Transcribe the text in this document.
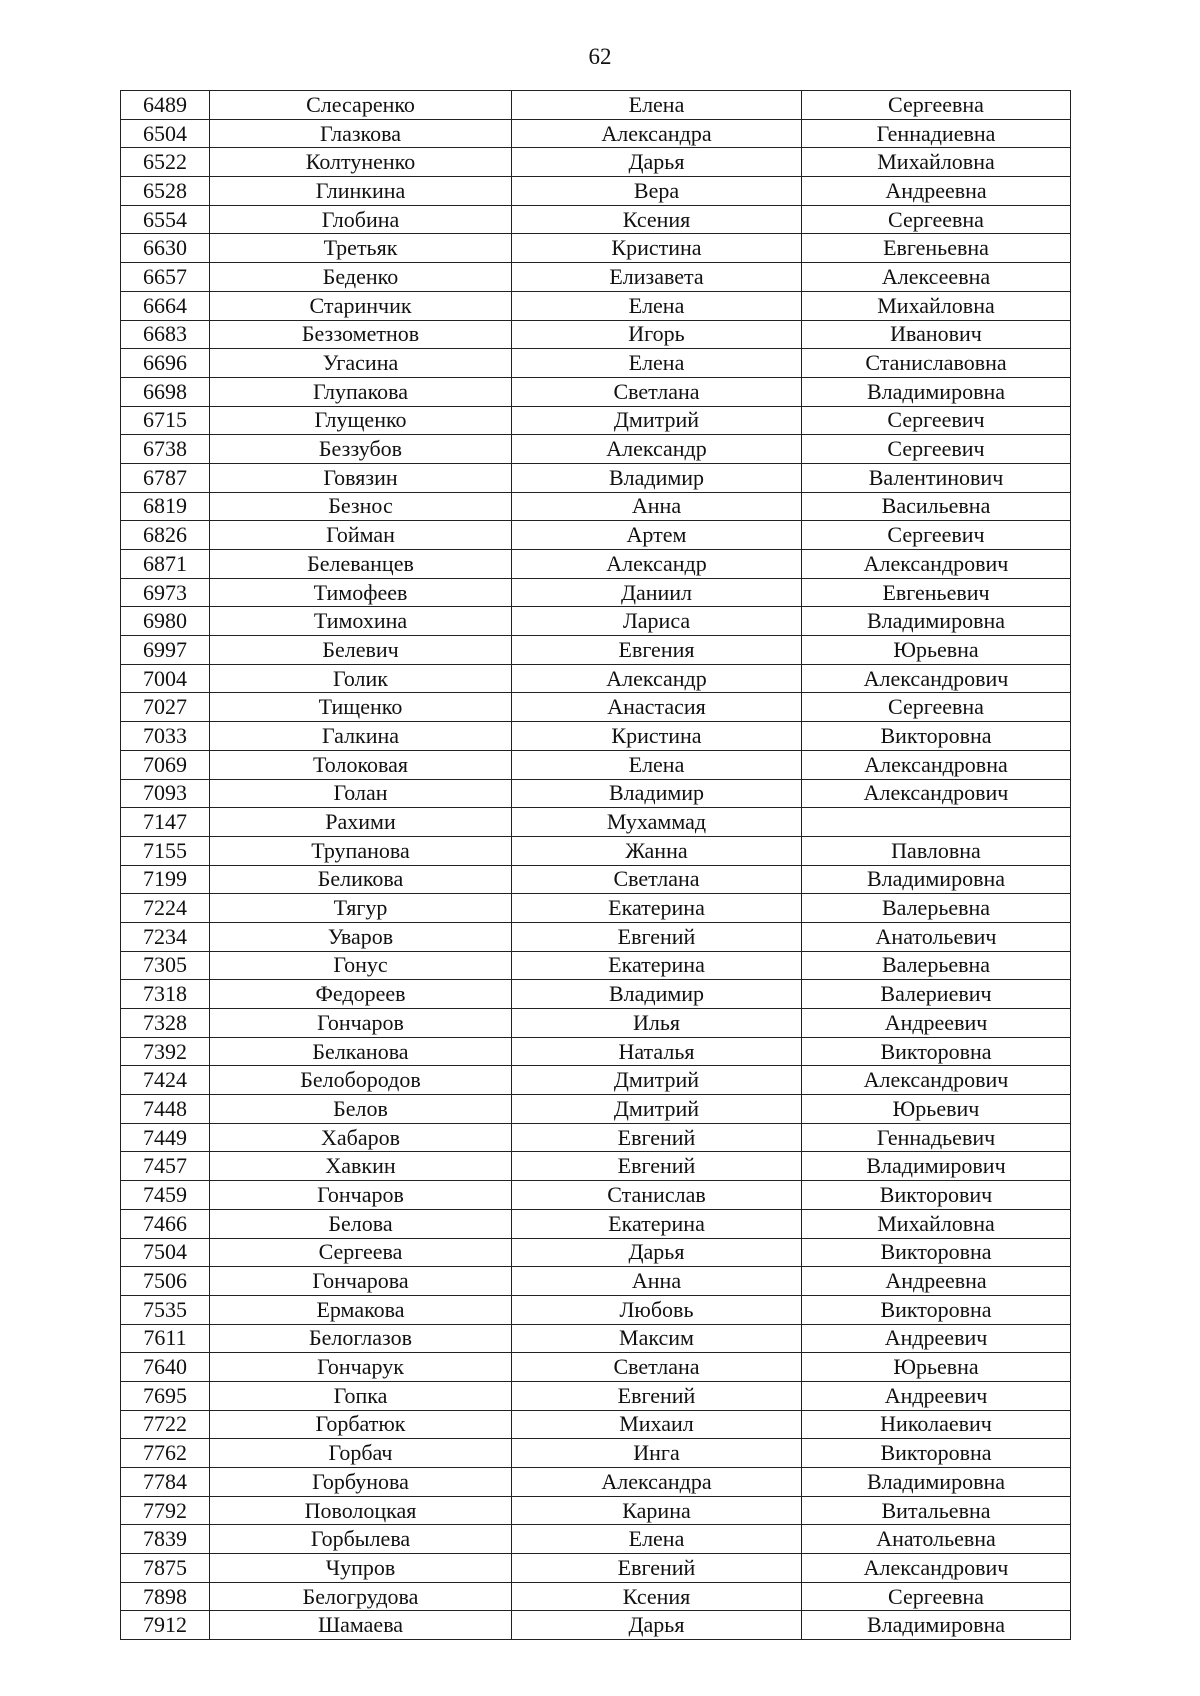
62
6489	Слесаренко	Елена	Сергеевна
6504	Глазкова	Александра	Геннадиевна
6522	Колтуненко	Дарья	Михайловна
6528	Глинкина	Вера	Андреевна
6554	Глобина	Ксения	Сергеевна
6630	Третьяк	Кристина	Евгеньевна
6657	Беденко	Елизавета	Алексеевна
6664	Старинчик	Елена	Михайловна
6683	Беззометнов	Игорь	Иванович
6696	Угасина	Елена	Станиславовна
6698	Глупакова	Светлана	Владимировна
6715	Глущенко	Дмитрий	Сергеевич
6738	Беззубов	Александр	Сергеевич
6787	Говязин	Владимир	Валентинович
6819	Безнос	Анна	Васильевна
6826	Гойман	Артем	Сергеевич
6871	Белеванцев	Александр	Александрович
6973	Тимофеев	Даниил	Евгеньевич
6980	Тимохина	Лариса	Владимировна
6997	Белевич	Евгения	Юрьевна
7004	Голик	Александр	Александрович
7027	Тищенко	Анастасия	Сергеевна
7033	Галкина	Кристина	Викторовна
7069	Толоковая	Елена	Александровна
7093	Голан	Владимир	Александрович
7147	Рахими	Мухаммад	
7155	Трупанова	Жанна	Павловна
7199	Беликова	Светлана	Владимировна
7224	Тягур	Екатерина	Валерьевна
7234	Уваров	Евгений	Анатольевич
7305	Гонус	Екатерина	Валерьевна
7318	Федореев	Владимир	Валериевич
7328	Гончаров	Илья	Андреевич
7392	Белканова	Наталья	Викторовна
7424	Белобородов	Дмитрий	Александрович
7448	Белов	Дмитрий	Юрьевич
7449	Хабаров	Евгений	Геннадьевич
7457	Хавкин	Евгений	Владимирович
7459	Гончаров	Станислав	Викторович
7466	Белова	Екатерина	Михайловна
7504	Сергеева	Дарья	Викторовна
7506	Гончарова	Анна	Андреевна
7535	Ермакова	Любовь	Викторовна
7611	Белоглазов	Максим	Андреевич
7640	Гончарук	Светлана	Юрьевна
7695	Гопка	Евгений	Андреевич
7722	Горбатюк	Михаил	Николаевич
7762	Горбач	Инга	Викторовна
7784	Горбунова	Александра	Владимировна
7792	Поволоцкая	Карина	Витальевна
7839	Горбылева	Елена	Анатольевна
7875	Чупров	Евгений	Александрович
7898	Белогрудова	Ксения	Сергеевна
7912	Шамаева	Дарья	Владимировна
